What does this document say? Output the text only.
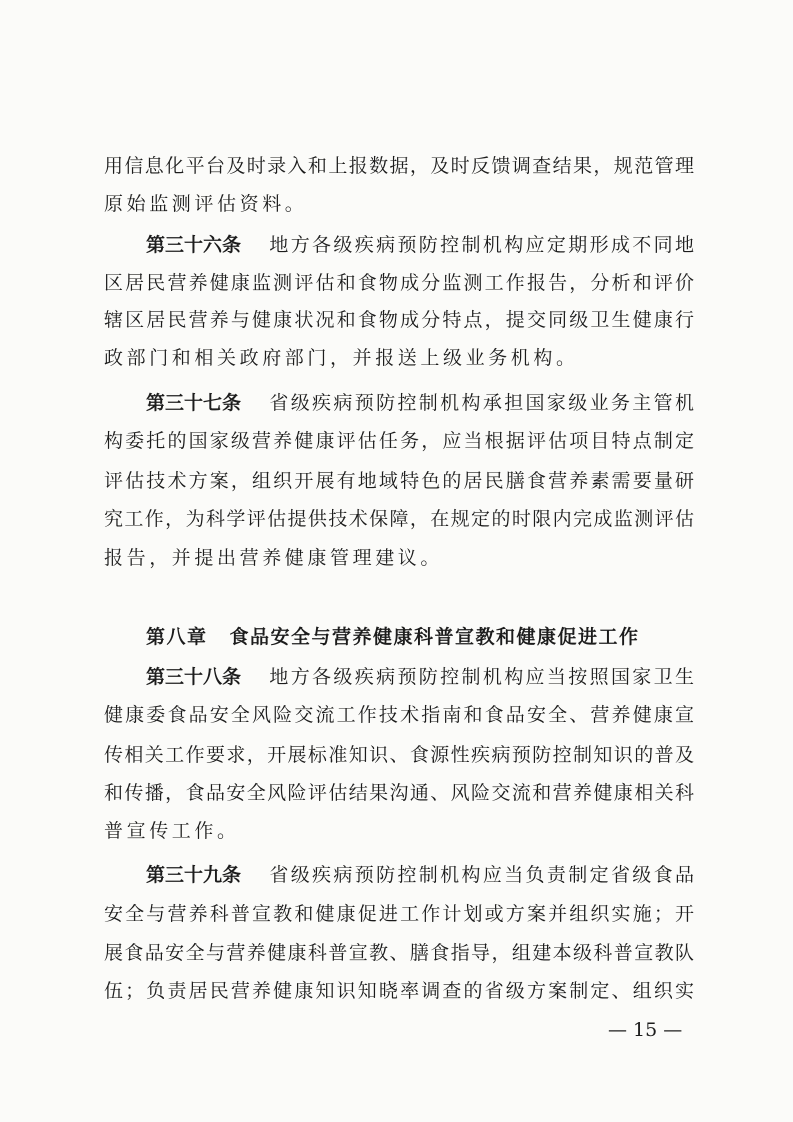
用信息化平台及时录入和上报数据，及时反馈调查结果，规范管理
原始监测评估资料。
第三十六条 地方各级疾病预防控制机构应定期形成不同地
区居民营养健康监测评估和食物成分监测工作报告，分析和评价
辖区居民营养与健康状况和食物成分特点，提交同级卫生健康行
政部门和相关政府部门，并报送上级业务机构。
第三十七条 省级疾病预防控制机构承担国家级业务主管机
构委托的国家级营养健康评估任务，应当根据评估项目特点制定
评估技术方案，组织开展有地域特色的居民膳食营养素需要量研
究工作，为科学评估提供技术保障，在规定的时限内完成监测评估
报告，并提出营养健康管理建议。
第八章 食品安全与营养健康科普宣教和健康促进工作
第三十八条 地方各级疾病预防控制机构应当按照国家卫生
健康委食品安全风险交流工作技术指南和食品安全、营养健康宣
传相关工作要求，开展标准知识、食源性疾病预防控制知识的普及
和传播，食品安全风险评估结果沟通、风险交流和营养健康相关科
普宣传工作。
第三十九条 省级疾病预防控制机构应当负责制定省级食品
安全与营养科普宣教和健康促进工作计划或方案并组织实施；开
展食品安全与营养健康科普宣教、膳食指导，组建本级科普宣教队
伍；负责居民营养健康知识知晓率调查的省级方案制定、组织实
— 15 —
